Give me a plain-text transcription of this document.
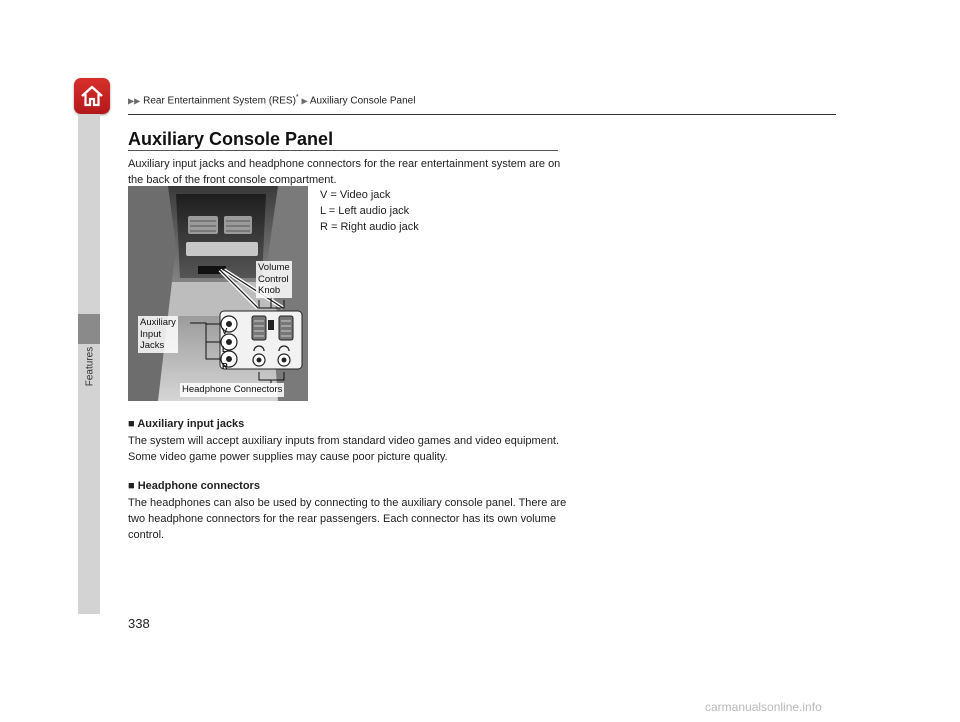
Features
▶▶ Rear Entertainment System (RES)* ▶ Auxiliary Console Panel
Auxiliary Console Panel

Auxiliary input jacks and headphone connectors for the rear entertainment system are on the back of the front console compartment.

V = Video jack
L = Left audio jack
R = Right audio jack
V
L
R
Volume
Control
Knob
Auxiliary
Input
Jacks
Headphone Connectors

■ Auxiliary input jacks

The system will accept auxiliary inputs from standard video games and video equipment. Some video game power supplies may cause poor picture quality.

■ Headphone connectors

The headphones can also be used by connecting to the auxiliary console panel. There are two headphone connectors for the rear passengers. Each connector has its own volume control.

338
carmanualsonline.info
